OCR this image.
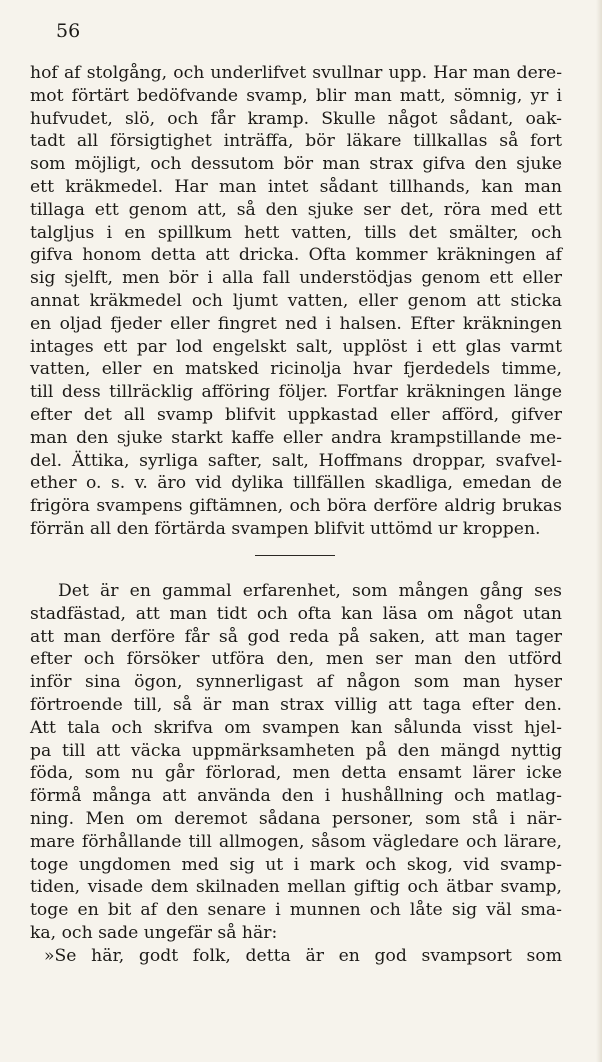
56
hof af stolgång, och underlifvet svullnar upp. Har man dere-
mot förtärt bedöfvande svamp, blir man matt, sömnig, yr i
hufvudet, slö, och får kramp. Skulle något sådant, oak-
tadt all försigtighet inträffa, bör läkare tillkallas så fort
som möjligt, och dessutom bör man strax gifva den sjuke
ett kräkmedel. Har man intet sådant tillhands, kan man
tillaga ett genom att, så den sjuke ser det, röra med ett
talgljus i en spillkum hett vatten, tills det smälter, och
gifva honom detta att dricka. Ofta kommer kräkningen af
sig sjelft, men bör i alla fall understödjas genom ett eller
annat kräkmedel och ljumt vatten, eller genom att sticka
en oljad fjeder eller fingret ned i halsen. Efter kräkningen
intages ett par lod engelskt salt, upplöst i ett glas varmt
vatten, eller en matsked ricinolja hvar fjerdedels timme,
till dess tillräcklig afföring följer. Fortfar kräkningen länge
efter det all svamp blifvit uppkastad eller afförd, gifver
man den sjuke starkt kaffe eller andra krampstillande me-
del. Ättika, syrliga safter, salt, Hoffmans droppar, svafvel-
ether o. s. v. äro vid dylika tillfällen skadliga, emedan de
frigöra svampens giftämnen, och böra derföre aldrig brukas
förrän all den förtärda svampen blifvit uttömd ur kroppen.
Det är en gammal erfarenhet, som mången gång ses
stadfästad, att man tidt och ofta kan läsa om något utan
att man derföre får så god reda på saken, att man tager
efter och försöker utföra den, men ser man den utförd
inför sina ögon, synnerligast af någon som man hyser
förtroende till, så är man strax villig att taga efter den.
Att tala och skrifva om svampen kan sålunda visst hjel-
pa till att väcka uppmärksamheten på den mängd nyttig
föda, som nu går förlorad, men detta ensamt lärer icke
förmå många att använda den i hushållning och matlag-
ning. Men om deremot sådana personer, som stå i när-
mare förhållande till allmogen, såsom vägledare och lärare,
toge ungdomen med sig ut i mark och skog, vid svamp-
tiden, visade dem skilnaden mellan giftig och ätbar svamp,
toge en bit af den senare i munnen och låte sig väl sma-
ka, och sade ungefär så här:
»Se här, godt folk, detta är en god svampsort som
